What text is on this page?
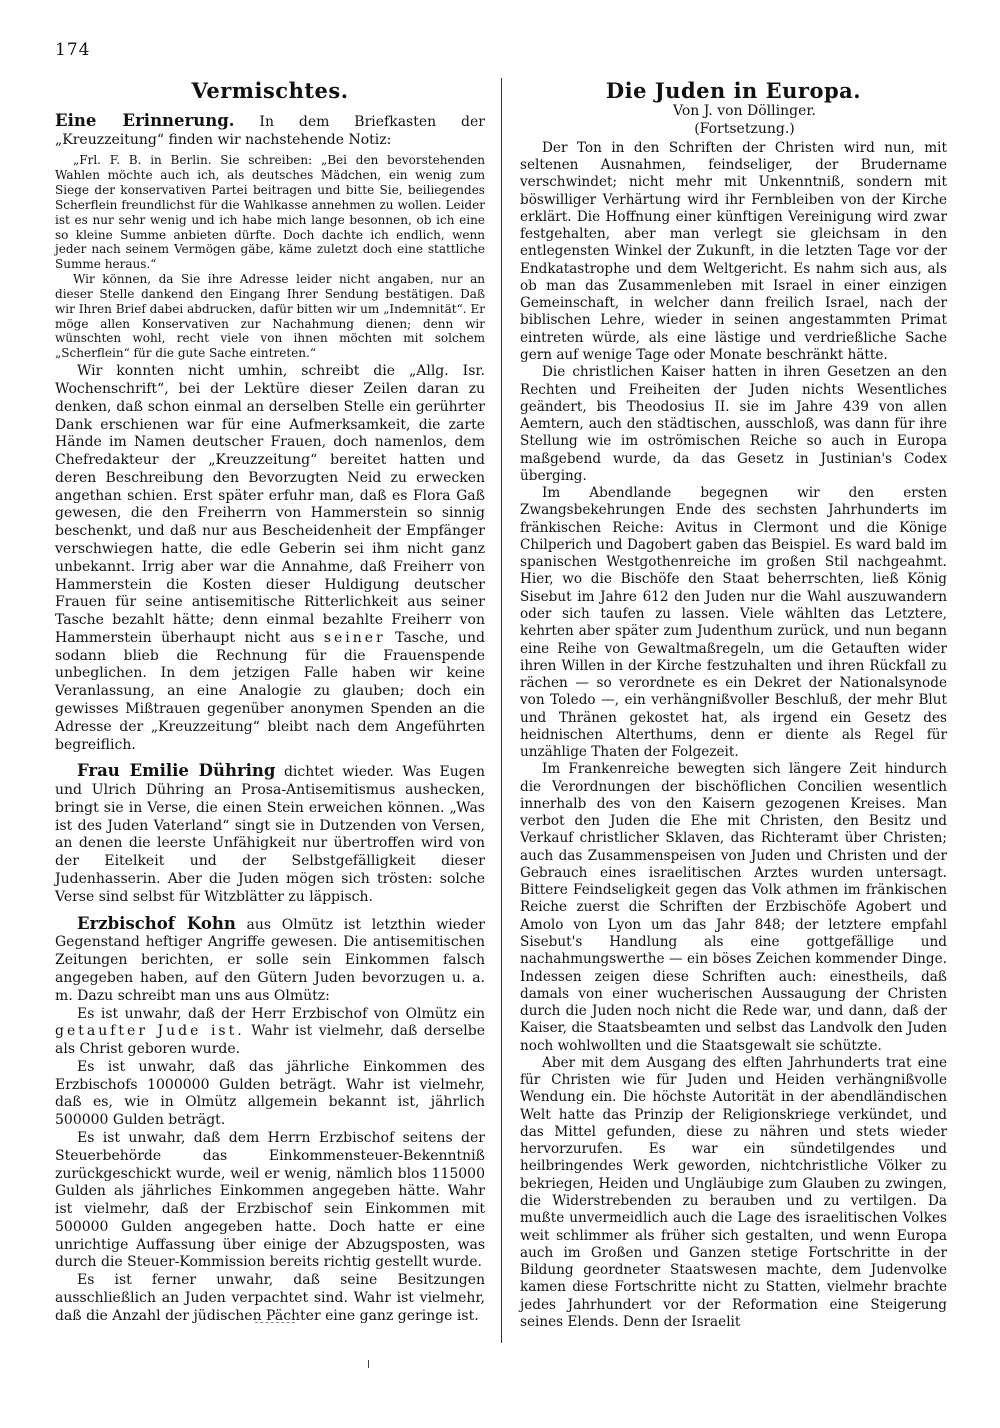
174
Vermischtes.

Eine Erinnerung. In dem Briefkasten der „Kreuzzeitung“ finden wir nachstehende Notiz:

„Frl. F. B. in Berlin. Sie schreiben: „Bei den bevorstehenden Wahlen möchte auch ich, als deutsches Mädchen, ein wenig zum Siege der konservativen Partei beitragen und bitte Sie, beiliegendes Scherflein freundlichst für die Wahlkasse annehmen zu wollen. Leider ist es nur sehr wenig und ich habe mich lange besonnen, ob ich eine so kleine Summe anbieten dürfte. Doch dachte ich endlich, wenn jeder nach seinem Vermögen gäbe, käme zuletzt doch eine stattliche Summe heraus.“

Wir können, da Sie ihre Adresse leider nicht angaben, nur an dieser Stelle dankend den Eingang Ihrer Sendung bestätigen. Daß wir Ihren Brief dabei abdrucken, dafür bitten wir um „Indemnität“. Er möge allen Konservativen zur Nachahmung dienen; denn wir wünschten wohl, recht viele von ihnen möchten mit solchem „Scherflein“ für die gute Sache eintreten.“

Wir konnten nicht umhin, schreibt die „Allg. Isr. Wochenschrift“, bei der Lektüre dieser Zeilen daran zu denken, daß schon einmal an derselben Stelle ein gerührter Dank erschienen war für eine Aufmerksamkeit, die zarte Hände im Namen deutscher Frauen, doch namenlos, dem Chefredakteur der „Kreuzzeitung“ bereitet hatten und deren Beschreibung den Bevorzugten Neid zu erwecken angethan schien. Erst später erfuhr man, daß es Flora Gaß gewesen, die den Freiherrn von Hammerstein so sinnig beschenkt, und daß nur aus Bescheidenheit der Empfänger verschwiegen hatte, die edle Geberin sei ihm nicht ganz unbekannt. Irrig aber war die Annahme, daß Freiherr von Hammerstein die Kosten dieser Huldigung deutscher Frauen für seine antisemitische Ritterlichkeit aus seiner Tasche bezahlt hätte; denn einmal bezahlte Freiherr von Hammerstein überhaupt nicht aus seiner Tasche, und sodann blieb die Rechnung für die Frauenspende unbeglichen. In dem jetzigen Falle haben wir keine Veranlassung, an eine Analogie zu glauben; doch ein gewisses Mißtrauen gegenüber anonymen Spenden an die Adresse der „Kreuzzeitung“ bleibt nach dem Angeführten begreiflich.

Frau Emilie Dühring dichtet wieder. Was Eugen und Ulrich Dühring an Prosa-Antisemitismus aushecken, bringt sie in Verse, die einen Stein erweichen können. „Was ist des Juden Vaterland“ singt sie in Dutzenden von Versen, an denen die leerste Unfähigkeit nur übertroffen wird von der Eitelkeit und der Selbstgefälligkeit dieser Judenhasserin. Aber die Juden mögen sich trösten: solche Verse sind selbst für Witzblätter zu läppisch.

Erzbischof Kohn aus Olmütz ist letzthin wieder Gegenstand heftiger Angriffe gewesen. Die antisemitischen Zeitungen berichten, er solle sein Einkommen falsch angegeben haben, auf den Gütern Juden bevorzugen u. a. m. Dazu schreibt man uns aus Olmütz:

Es ist unwahr, daß der Herr Erzbischof von Olmütz ein getaufter Jude ist. Wahr ist vielmehr, daß derselbe als Christ geboren wurde.

Es ist unwahr, daß das jährliche Einkommen des Erzbischofs 1000000 Gulden beträgt. Wahr ist vielmehr, daß es, wie in Olmütz allgemein bekannt ist, jährlich 500000 Gulden beträgt.

Es ist unwahr, daß dem Herrn Erzbischof seitens der Steuerbehörde das Einkommensteuer-Bekenntniß zurückgeschickt wurde, weil er wenig, nämlich blos 115000 Gulden als jährliches Einkommen angegeben hätte. Wahr ist vielmehr, daß der Erzbischof sein Einkommen mit 500000 Gulden angegeben hatte. Doch hatte er eine unrichtige Auffassung über einige der Abzugsposten, was durch die Steuer-Kommission bereits richtig gestellt wurde.

Es ist ferner unwahr, daß seine Besitzungen ausschließlich an Juden verpachtet sind. Wahr ist vielmehr, daß die Anzahl der jüdischen Pächter eine ganz geringe ist.

Die Juden in Europa.

Von J. von Döllinger.

(Fortsetzung.)

Der Ton in den Schriften der Christen wird nun, mit seltenen Ausnahmen, feindseliger, der Brudername verschwindet; nicht mehr mit Unkenntniß, sondern mit böswilliger Verhärtung wird ihr Fernbleiben von der Kirche erklärt. Die Hoffnung einer künftigen Vereinigung wird zwar festgehalten, aber man verlegt sie gleichsam in den entlegensten Winkel der Zukunft, in die letzten Tage vor der Endkatastrophe und dem Weltgericht. Es nahm sich aus, als ob man das Zusammenleben mit Israel in einer einzigen Gemeinschaft, in welcher dann freilich Israel, nach der biblischen Lehre, wieder in seinen angestammten Primat eintreten würde, als eine lästige und verdrießliche Sache gern auf wenige Tage oder Monate beschränkt hätte.

Die christlichen Kaiser hatten in ihren Gesetzen an den Rechten und Freiheiten der Juden nichts Wesentliches geändert, bis Theodosius II. sie im Jahre 439 von allen Aemtern, auch den städtischen, ausschloß, was dann für ihre Stellung wie im oströmischen Reiche so auch in Europa maßgebend wurde, da das Gesetz in Justinian's Codex überging.

Im Abendlande begegnen wir den ersten Zwangsbekehrungen Ende des sechsten Jahrhunderts im fränkischen Reiche: Avitus in Clermont und die Könige Chilperich und Dagobert gaben das Beispiel. Es ward bald im spanischen Westgothenreiche im großen Stil nachgeahmt. Hier, wo die Bischöfe den Staat beherrschten, ließ König Sisebut im Jahre 612 den Juden nur die Wahl auszuwandern oder sich taufen zu lassen. Viele wählten das Letztere, kehrten aber später zum Judenthum zurück, und nun begann eine Reihe von Gewaltmaßregeln, um die Getauften wider ihren Willen in der Kirche festzuhalten und ihren Rückfall zu rächen — so verordnete es ein Dekret der Nationalsynode von Toledo —, ein verhängnißvoller Beschluß, der mehr Blut und Thränen gekostet hat, als irgend ein Gesetz des heidnischen Alterthums, denn er diente als Regel für unzählige Thaten der Folgezeit.

Im Frankenreiche bewegten sich längere Zeit hindurch die Verordnungen der bischöflichen Concilien wesentlich innerhalb des von den Kaisern gezogenen Kreises. Man verbot den Juden die Ehe mit Christen, den Besitz und Verkauf christlicher Sklaven, das Richteramt über Christen; auch das Zusammenspeisen von Juden und Christen und der Gebrauch eines israelitischen Arztes wurden untersagt. Bittere Feindseligkeit gegen das Volk athmen im fränkischen Reiche zuerst die Schriften der Erzbischöfe Agobert und Amolo von Lyon um das Jahr 848; der letztere empfahl Sisebut's Handlung als eine gottgefällige und nachahmungswerthe — ein böses Zeichen kommender Dinge. Indessen zeigen diese Schriften auch: einestheils, daß damals von einer wucherischen Aussaugung der Christen durch die Juden noch nicht die Rede war, und dann, daß der Kaiser, die Staatsbeamten und selbst das Landvolk den Juden noch wohlwollten und die Staatsgewalt sie schützte.

Aber mit dem Ausgang des elften Jahrhunderts trat eine für Christen wie für Juden und Heiden verhängnißvolle Wendung ein. Die höchste Autorität in der abendländischen Welt hatte das Prinzip der Religionskriege verkündet, und das Mittel gefunden, diese zu nähren und stets wieder hervorzurufen. Es war ein sündetilgendes und heilbringendes Werk geworden, nichtchristliche Völker zu bekriegen, Heiden und Ungläubige zum Glauben zu zwingen, die Widerstrebenden zu berauben und zu vertilgen. Da mußte unvermeidlich auch die Lage des israelitischen Volkes weit schlimmer als früher sich gestalten, und wenn Europa auch im Großen und Ganzen stetige Fortschritte in der Bildung geordneter Staatswesen machte, dem Judenvolke kamen diese Fortschritte nicht zu Statten, vielmehr brachte jedes Jahrhundert vor der Reformation eine Steigerung seines Elends. Denn der Israelit
